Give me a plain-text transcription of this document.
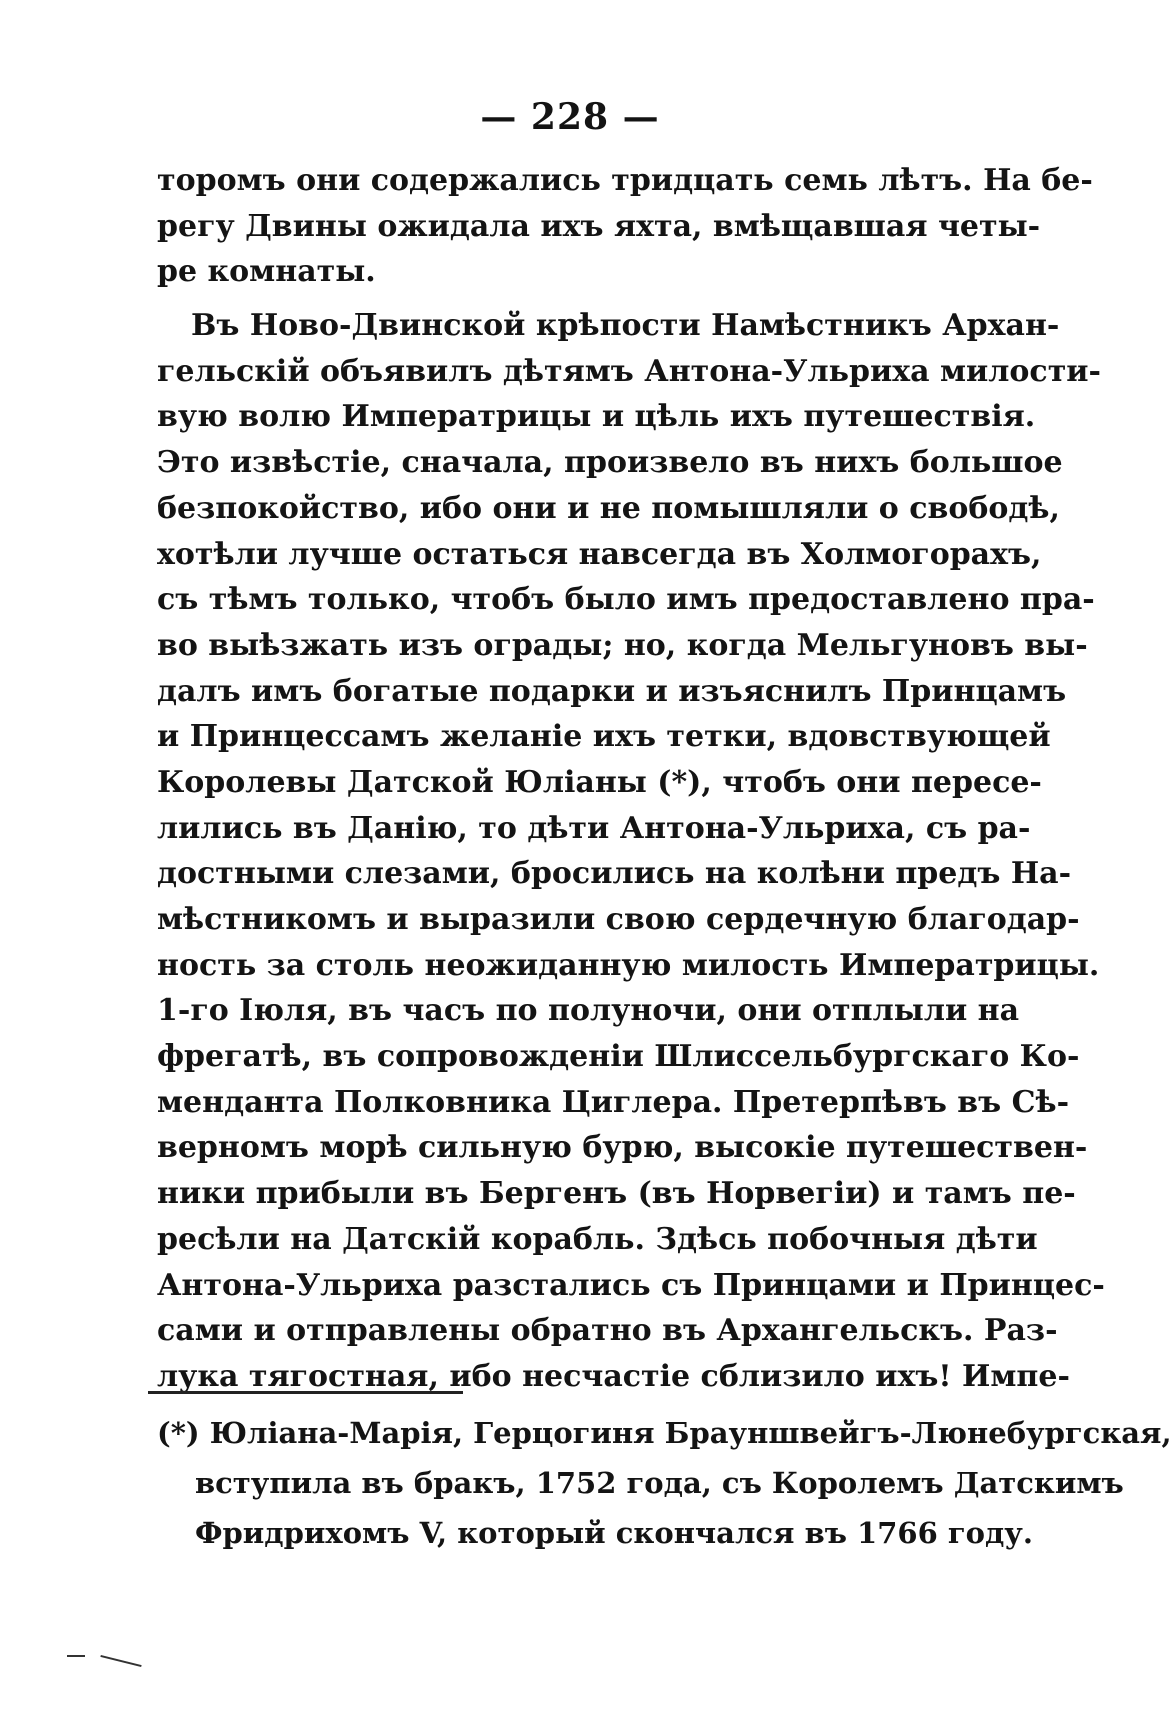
— 228 —
торомъ они содержались тридцать семь лѣтъ. На бе-
регу Двины ожидала ихъ яхта, вмѣщавшая четы-
ре комнаты.
Въ Ново-Двинской крѣпости Намѣстникъ Архан-
гельскій объявилъ дѣтямъ Антона-Ульриха милости-
вую волю Императрицы и цѣль ихъ путешествія.
Это извѣстіе, сначала, произвело въ нихъ большое
безпокойство, ибо они и не помышляли о свободѣ,
хотѣли лучше остаться навсегда въ Холмогорахъ,
съ тѣмъ только, чтобъ было имъ предоставлено пра-
во выѣзжать изъ ограды; но, когда Мельгуновъ вы-
далъ имъ богатые подарки и изъяснилъ Принцамъ
и Принцессамъ желаніе ихъ тетки, вдовствующей
Королевы Датской Юліаны (*), чтобъ они пересе-
лились въ Данію, то дѣти Антона-Ульриха, съ ра-
достными слезами, бросились на колѣни предъ На-
мѣстникомъ и выразили свою сердечную благодар-
ность за столь неожиданную милость Императрицы.
1-го Іюля, въ часъ по полуночи, они отплыли на
фрегатѣ, въ сопровожденіи Шлиссельбургскаго Ко-
менданта Полковника Циглера. Претерпѣвъ въ Сѣ-
верномъ морѣ сильную бурю, высокіе путешествен-
ники прибыли въ Бергенъ (въ Норвегіи) и тамъ пе-
ресѣли на Датскій корабль. Здѣсь побочныя дѣти
Антона-Ульриха разстались съ Принцами и Принцес-
сами и отправлены обратно въ Архангельскъ. Раз-
лука тягостная, ибо несчастіе сблизило ихъ! Импе-
(*) Юліана-Марія, Герцогиня Брауншвейгъ-Люнебургская,
вступила въ бракъ, 1752 года, съ Королемъ Датскимъ
Фридрихомъ V, который скончался въ 1766 году.
